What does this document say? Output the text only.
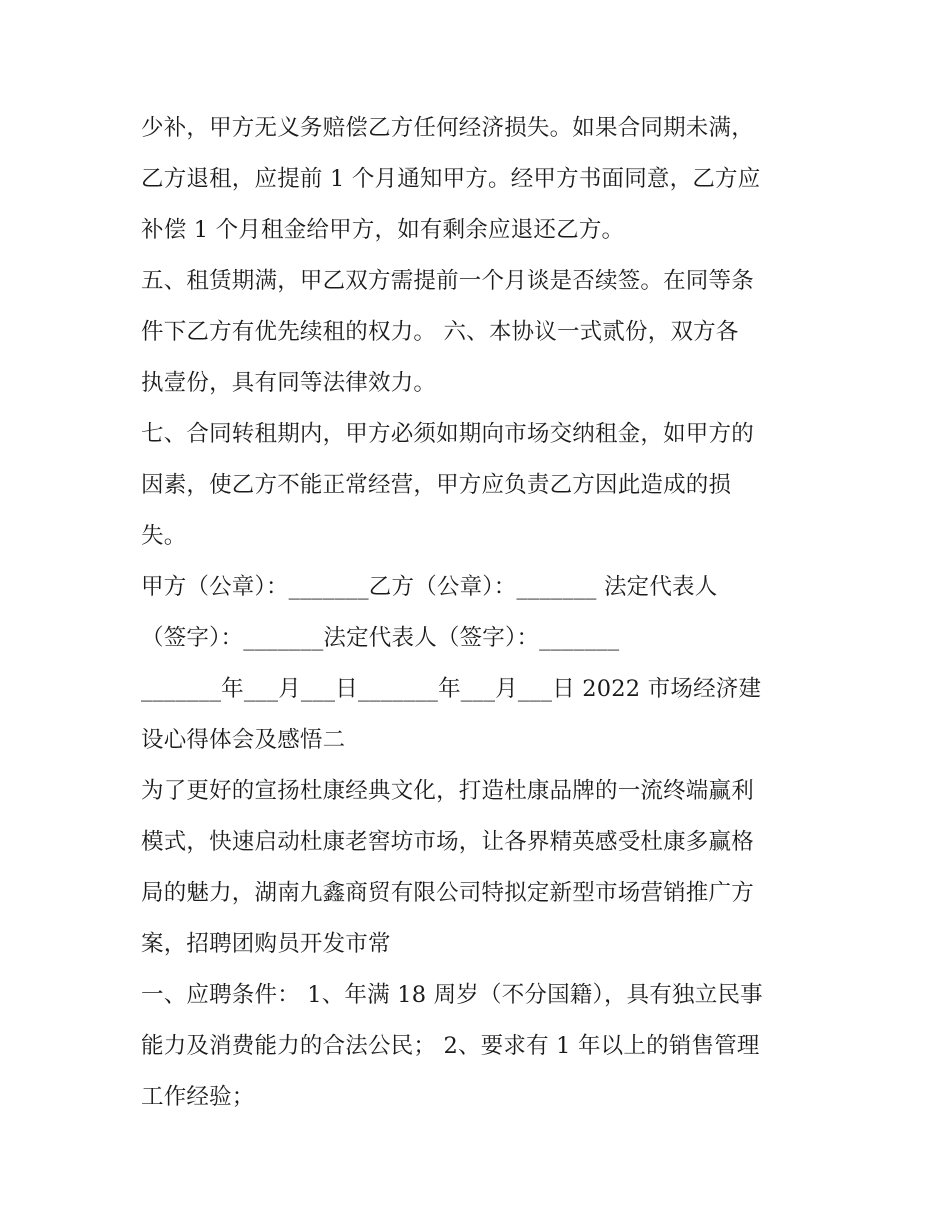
少补，甲方无义务赔偿乙方任何经济损失。如果合同期未满，
乙方退租，应提前 1 个月通知甲方。经甲方书面同意，乙方应
补偿 1 个月租金给甲方，如有剩余应退还乙方。
五、租赁期满，甲乙双方需提前一个月谈是否续签。在同等条
件下乙方有优先续租的权力。 六、本协议一式贰份，双方各
执壹份，具有同等法律效力。
七、合同转租期内，甲方必须如期向市场交纳租金，如甲方的
因素，使乙方不能正常经营，甲方应负责乙方因此造成的损
失。
甲方（公章）：_______乙方（公章）：_______ 法定代表人
（签字）：_______法定代表人（签字）：_______
_______年___月___日_______年___月___日 2022 市场经济建
设心得体会及感悟二
为了更好的宣扬杜康经典文化，打造杜康品牌的一流终端赢利
模式，快速启动杜康老窖坊市场，让各界精英感受杜康多赢格
局的魅力，湖南九鑫商贸有限公司特拟定新型市场营销推广方
案，招聘团购员开发市常
一、应聘条件： 1、年满 18 周岁（不分国籍），具有独立民事
能力及消费能力的合法公民； 2、要求有 1 年以上的销售管理
工作经验；
